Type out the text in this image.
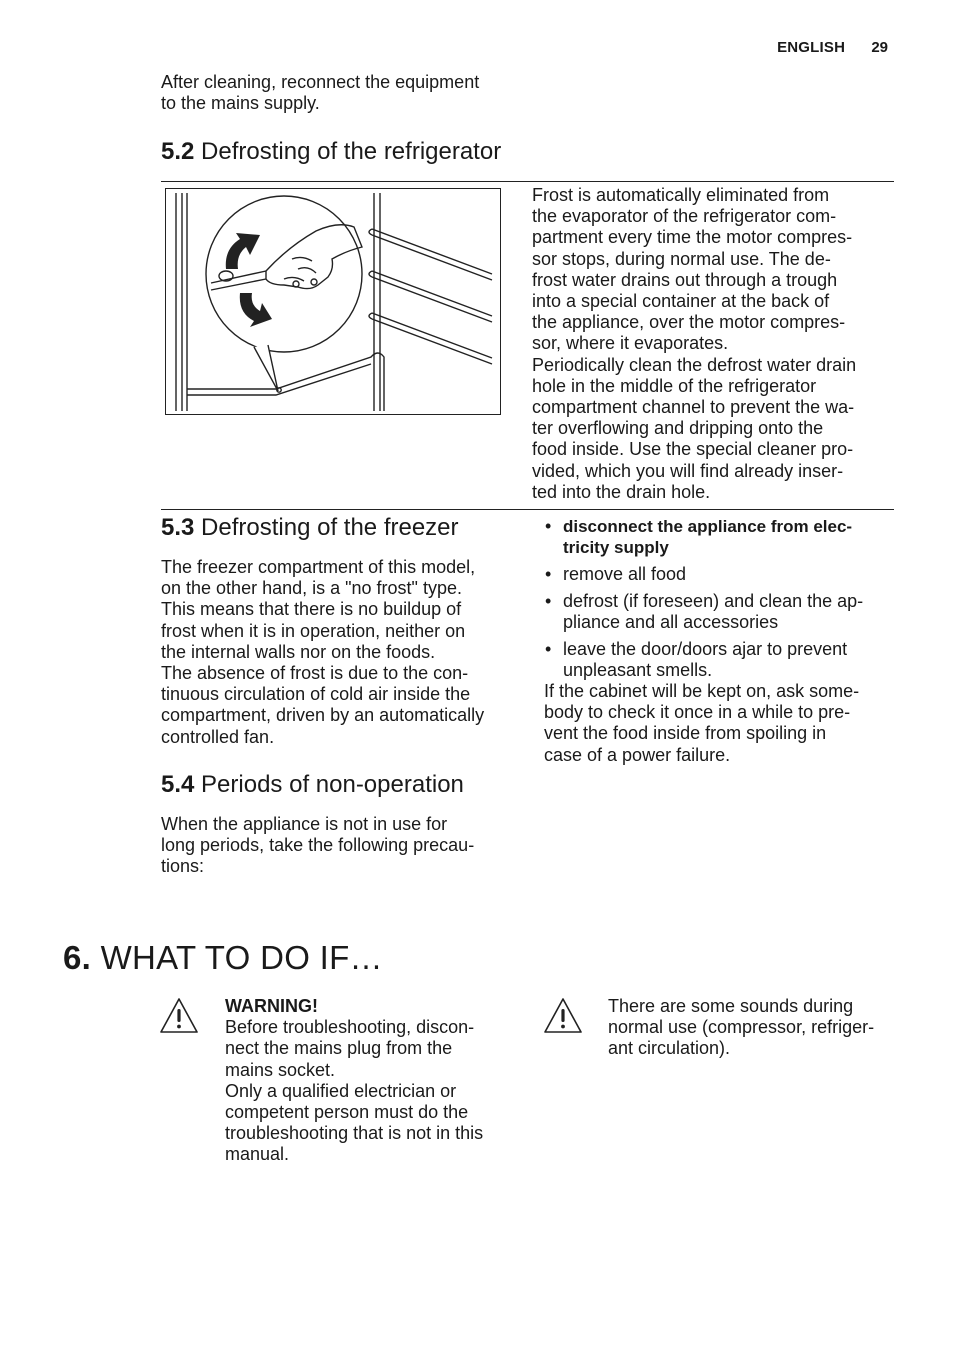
ENGLISH 29
After cleaning, reconnect the equipment
to the mains supply.
5.2 Defrosting of the refrigerator
Frost is automatically eliminated from
the evaporator of the refrigerator com-
partment every time the motor compres-
sor stops, during normal use. The de-
frost water drains out through a trough
into a special container at the back of
the appliance, over the motor compres-
sor, where it evaporates.
Periodically clean the defrost water drain
hole in the middle of the refrigerator
compartment channel to prevent the wa-
ter overflowing and dripping onto the
food inside. Use the special cleaner pro-
vided, which you will find already inser-
ted into the drain hole.
5.3 Defrosting of the freezer
The freezer compartment of this model,
on the other hand, is a "no frost" type.
This means that there is no buildup of
frost when it is in operation, neither on
the internal walls nor on the foods.
The absence of frost is due to the con-
tinuous circulation of cold air inside the
compartment, driven by an automatically
controlled fan.
5.4 Periods of non-operation
When the appliance is not in use for
long periods, take the following precau-
tions:
• disconnect the appliance from elec-
tricity supply
• remove all food
• defrost (if foreseen) and clean the ap-
pliance and all accessories
• leave the door/doors ajar to prevent
unpleasant smells.
If the cabinet will be kept on, ask some-
body to check it once in a while to pre-
vent the food inside from spoiling in
case of a power failure.
6. WHAT TO DO IF…
WARNING!
Before troubleshooting, discon-
nect the mains plug from the
mains socket.
Only a qualified electrician or
competent person must do the
troubleshooting that is not in this
manual.
There are some sounds during
normal use (compressor, refriger-
ant circulation).
